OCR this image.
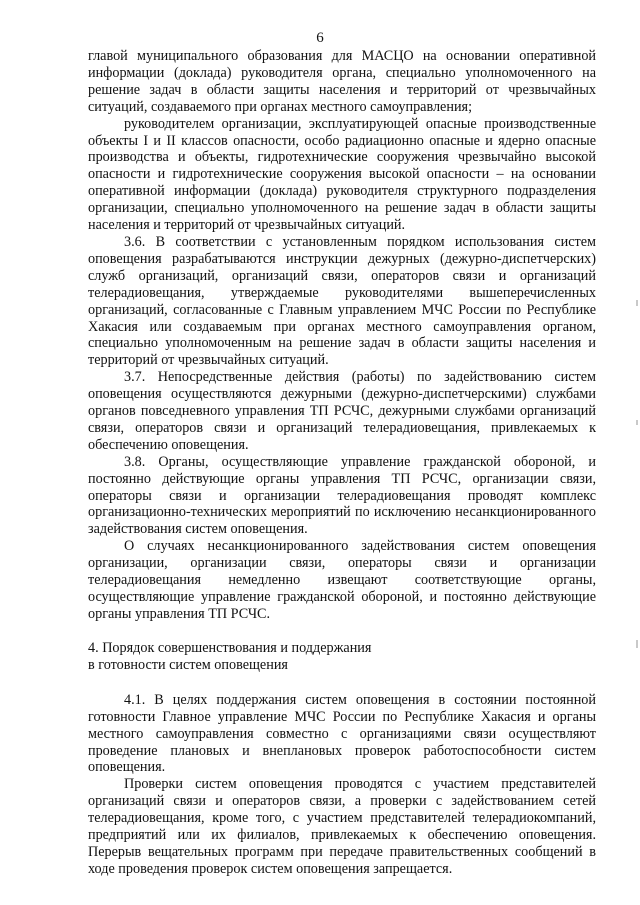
6

главой муниципального образования для МАСЦО на основании оперативной информации (доклада) руководителя органа, специально уполномоченного на решение задач в области защиты населения и территорий от чрезвычайных ситуаций, создаваемого при органах местного самоуправления;

руководителем организации, эксплуатирующей опасные производственные объекты I и II классов опасности, особо радиационно опасные и ядерно опасные производства и объекты, гидротехнические сооружения чрезвычайно высокой опасности и гидротехнические сооружения высокой опасности – на основании оперативной информации (доклада) руководителя структурного подразделения организации, специально уполномоченного на решение задач в области защиты населения и территорий от чрезвычайных ситуаций.

3.6. В соответствии с установленным порядком использования систем оповещения разрабатываются инструкции дежурных (дежурно-диспетчерских) служб организаций, организаций связи, операторов связи и организаций телерадиовещания, утверждаемые руководителями вышеперечисленных организаций, согласованные с Главным управлением МЧС России по Республике Хакасия или создаваемым при органах местного самоуправления органом, специально уполномоченным на решение задач в области защиты населения и территорий от чрезвычайных ситуаций.

3.7. Непосредственные действия (работы) по задействованию систем оповещения осуществляются дежурными (дежурно-диспетчерскими) службами органов повседневного управления ТП РСЧС, дежурными службами организаций связи, операторов связи и организаций телерадиовещания, привлекаемых к обеспечению оповещения.

3.8. Органы, осуществляющие управление гражданской обороной, и постоянно действующие органы управления ТП РСЧС, организации связи, операторы связи и организации телерадиовещания проводят комплекс организационно-технических мероприятий по исключению несанкционированного задействования систем оповещения.

О случаях несанкционированного задействования систем оповещения организации, организации связи, операторы связи и организации телерадиовещания немедленно извещают соответствующие органы, осуществляющие управление гражданской обороной, и постоянно действующие органы управления ТП РСЧС.

4. Порядок совершенствования и поддержания
в готовности систем оповещения

4.1. В целях поддержания систем оповещения в состоянии постоянной готовности Главное управление МЧС России по Республике Хакасия и органы местного самоуправления совместно с организациями связи осуществляют проведение плановых и внеплановых проверок работоспособности систем оповещения.

Проверки систем оповещения проводятся с участием представителей организаций связи и операторов связи, а проверки с задействованием сетей телерадиовещания, кроме того, с участием представителей телерадиокомпаний, предприятий или их филиалов, привлекаемых к обеспечению оповещения. Перерыв вещательных программ при передаче правительственных сообщений в ходе проведения проверок систем оповещения запрещается.
